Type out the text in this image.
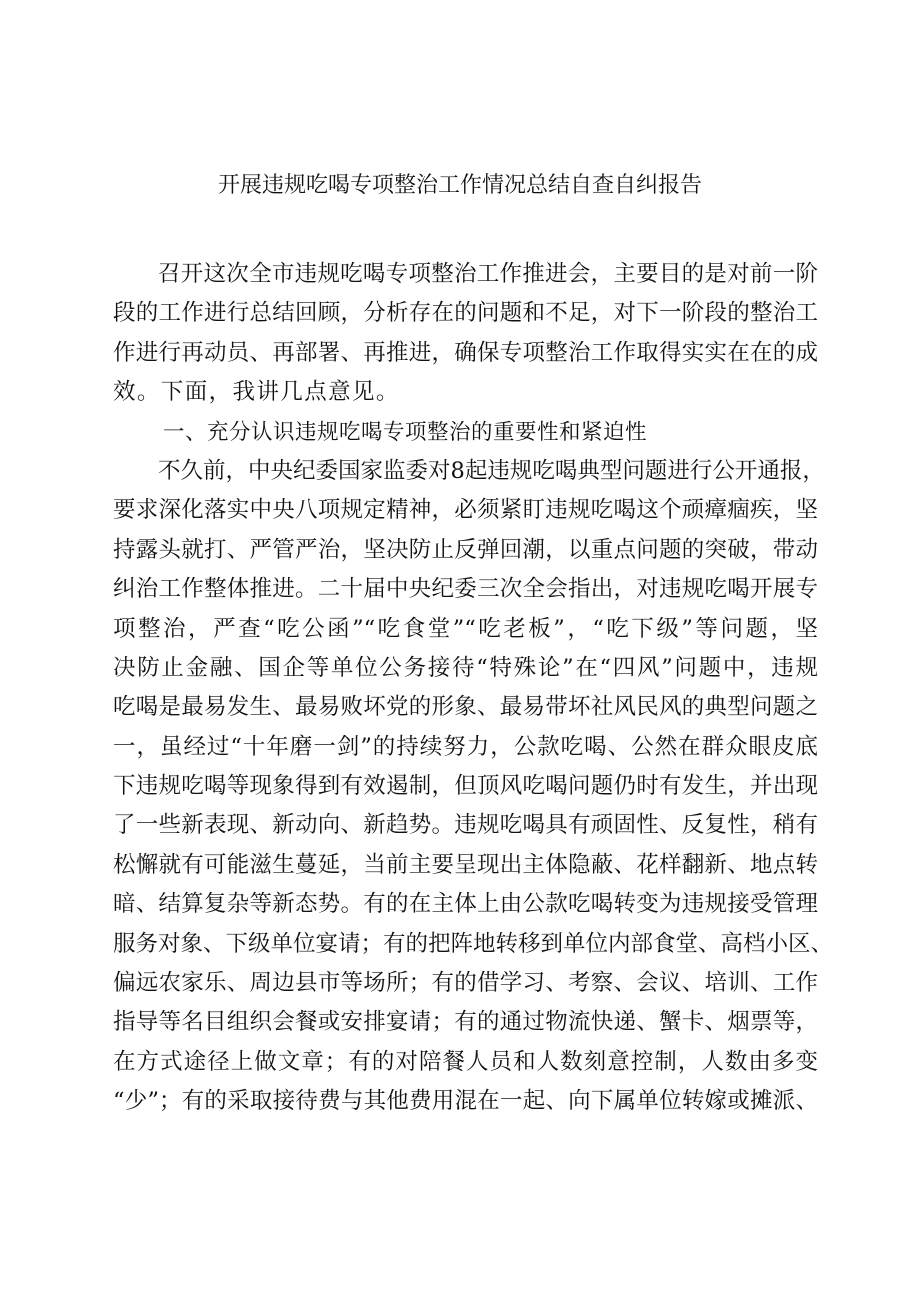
开展违规吃喝专项整治工作情况总结自查自纠报告
召开这次全市违规吃喝专项整治工作推进会，主要目的是对前一阶
段的工作进行总结回顾，分析存在的问题和不足，对下一阶段的整治工
作进行再动员、再部署、再推进，确保专项整治工作取得实实在在的成
效。下面，我讲几点意见。
一、充分认识违规吃喝专项整治的重要性和紧迫性
不久前，中央纪委国家监委对8起违规吃喝典型问题进行公开通报，
要求深化落实中央八项规定精神，必须紧盯违规吃喝这个顽瘴痼疾，坚
持露头就打、严管严治，坚决防止反弹回潮，以重点问题的突破，带动
纠治工作整体推进。二十届中央纪委三次全会指出，对违规吃喝开展专
项整治，严查“吃公函”“吃食堂”“吃老板”，“吃下级”等问题，坚
决防止金融、国企等单位公务接待“特殊论”在“四风”问题中，违规
吃喝是最易发生、最易败坏党的形象、最易带坏社风民风的典型问题之
一，虽经过“十年磨一剑”的持续努力，公款吃喝、公然在群众眼皮底
下违规吃喝等现象得到有效遏制，但顶风吃喝问题仍时有发生，并出现
了一些新表现、新动向、新趋势。违规吃喝具有顽固性、反复性，稍有
松懈就有可能滋生蔓延，当前主要呈现出主体隐蔽、花样翻新、地点转
暗、结算复杂等新态势。有的在主体上由公款吃喝转变为违规接受管理
服务对象、下级单位宴请；有的把阵地转移到单位内部食堂、高档小区、
偏远农家乐、周边县市等场所；有的借学习、考察、会议、培训、工作
指导等名目组织会餐或安排宴请；有的通过物流快递、蟹卡、烟票等，
在方式途径上做文章；有的对陪餐人员和人数刻意控制，人数由多变
“少”；有的采取接待费与其他费用混在一起、向下属单位转嫁或摊派、
